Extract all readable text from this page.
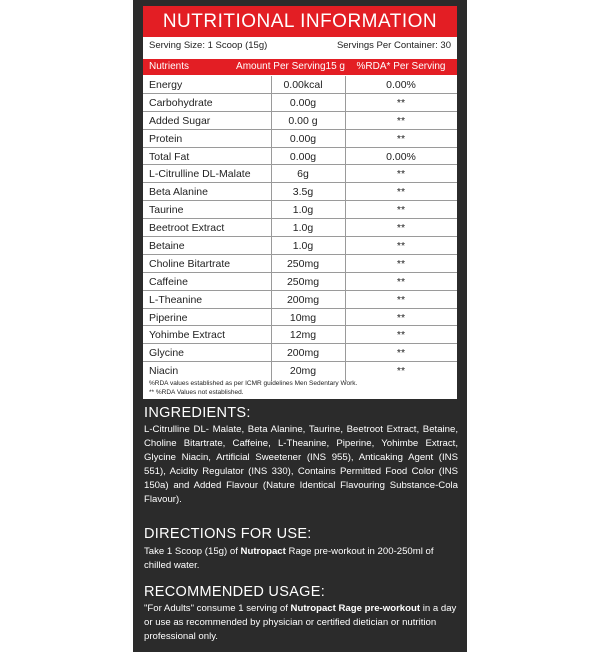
NUTRITIONAL INFORMATION
Serving Size: 1 Scoop (15g)	Servings Per Container: 30
Nutrients	Amount Per Serving15 g	%RDA* Per Serving
Energy	0.00kcal	0.00%
Carbohydrate	0.00g	**
Added Sugar	0.00 g	**
Protein	0.00g	**
Total Fat	0.00g	0.00%
L-Citrulline DL-Malate	6g	**
Beta Alanine	3.5g	**
Taurine	1.0g	**
Beetroot Extract	1.0g	**
Betaine	1.0g	**
Choline Bitartrate	250mg	**
Caffeine	250mg	**
L-Theanine	200mg	**
Piperine	10mg	**
Yohimbe Extract	12mg	**
Glycine	200mg	**
Niacin	20mg	**
%RDA values established as per ICMR guidelines Men Sedentary Work.
** %RDA Values not established.
INGREDIENTS:
L-Citrulline DL- Malate, Beta Alanine, Taurine, Beetroot Extract, Betaine, Choline Bitartrate, Caffeine, L-Theanine, Piperine, Yohimbe Extract, Glycine Niacin, Artificial Sweetener (INS 955), Anticaking Agent (INS 551), Acidity Regulator (INS 330), Contains Permitted Food Color (INS 150a) and Added Flavour (Nature Identical Flavouring Substance-Cola Flavour).
DIRECTIONS FOR USE:
Take 1 Scoop (15g) of Nutropact Rage pre-workout in 200-250ml of chilled water.
RECOMMENDED USAGE:
"For Adults" consume 1 serving of Nutropact Rage pre-workout in a day or use as recommended by physician or certified dietician or nutrition professional only.
